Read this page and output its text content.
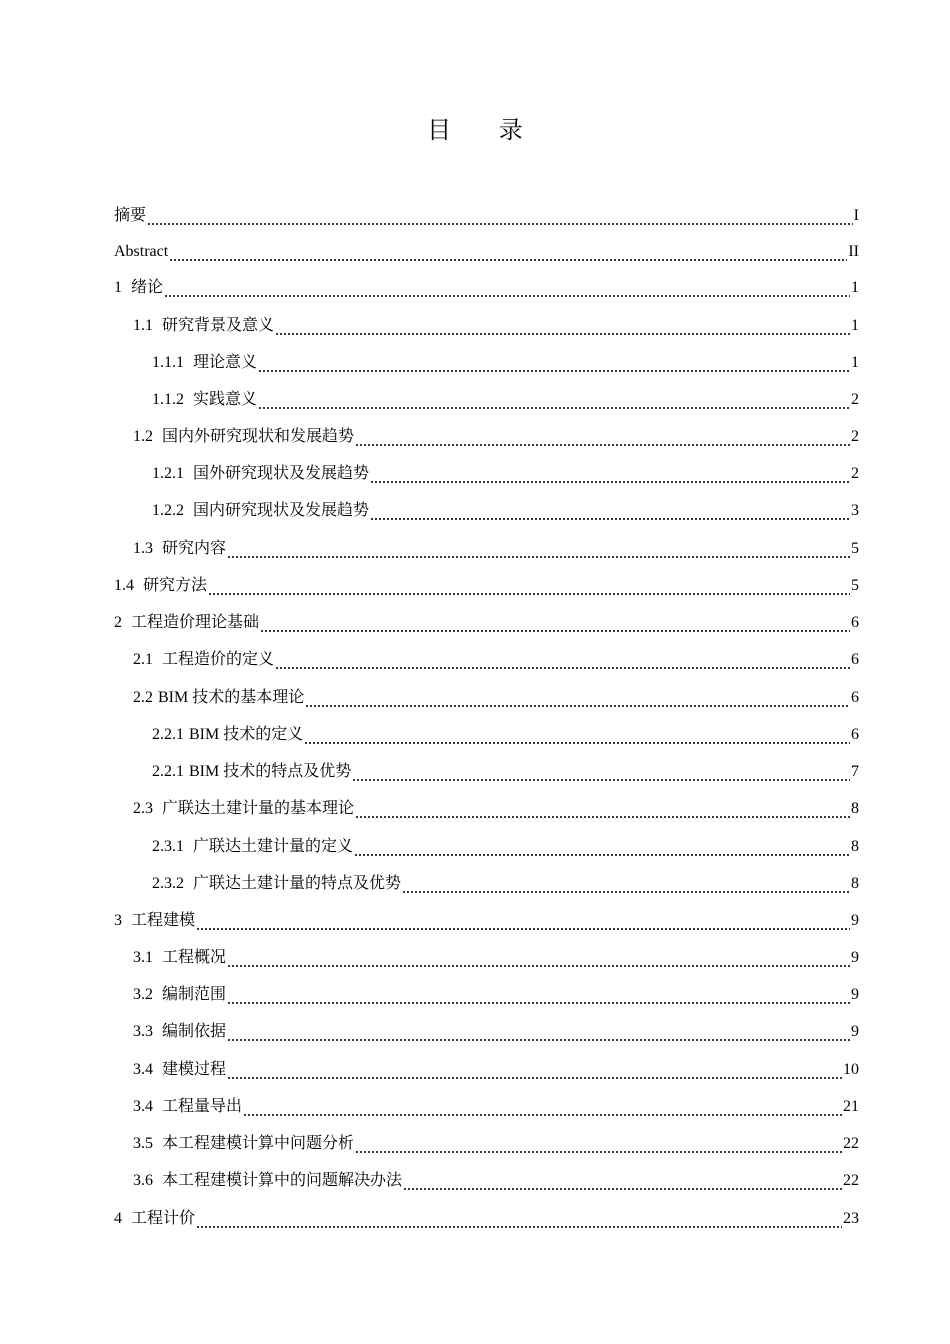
目 录
摘要	I
Abstract	II
1 绪论	1
1.1 研究背景及意义	1
1.1.1 理论意义	1
1.1.2 实践意义	2
1.2 国内外研究现状和发展趋势	2
1.2.1 国外研究现状及发展趋势	2
1.2.2 国内研究现状及发展趋势	3
1.3 研究内容	5
1.4 研究方法	5
2 工程造价理论基础	6
2.1 工程造价的定义	6
2.2 BIM 技术的基本理论	6
2.2.1 BIM 技术的定义	6
2.2.1 BIM 技术的特点及优势	7
2.3 广联达土建计量的基本理论	8
2.3.1 广联达土建计量的定义	8
2.3.2 广联达土建计量的特点及优势	8
3 工程建模	9
3.1 工程概况	9
3.2 编制范围	9
3.3 编制依据	9
3.4 建模过程	10
3.4 工程量导出	21
3.5 本工程建模计算中问题分析	22
3.6 本工程建模计算中的问题解决办法	22
4 工程计价	23
